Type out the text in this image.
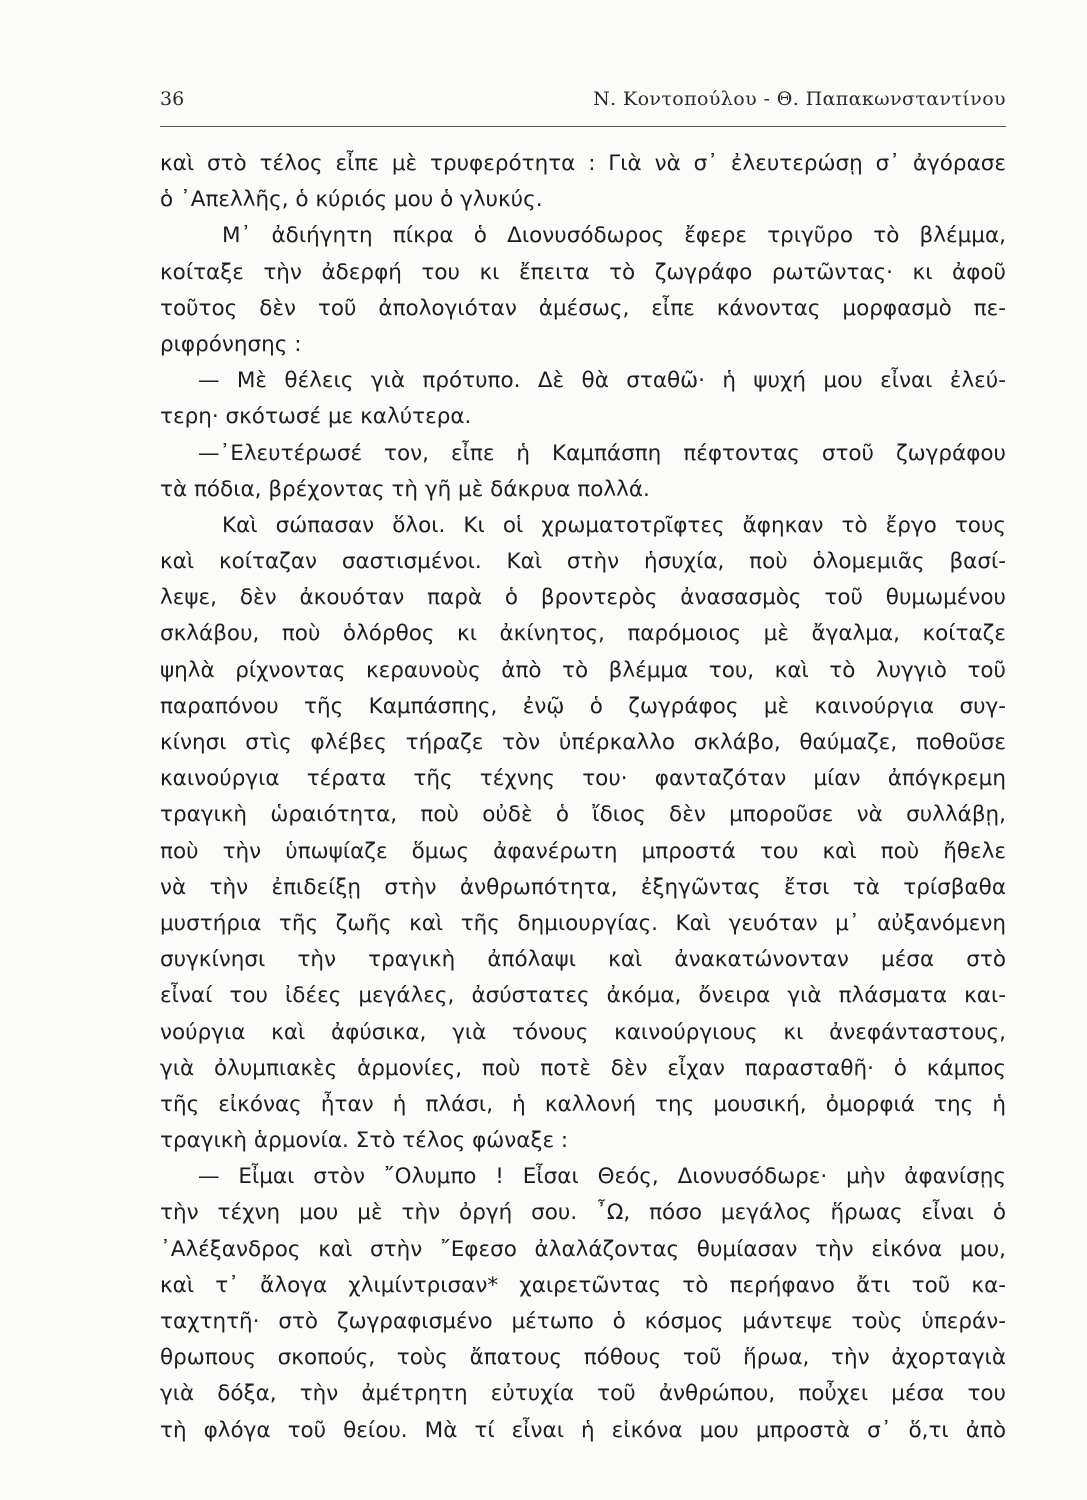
36	Ν. Κοντοπούλου - Θ. Παπακωνσταντίνου
καὶ στὸ τέλος εἶπε μὲ τρυφερότητα : Γιὰ νὰ σ᾿ ἐλευτερώσῃ σ᾿ ἀγόρασε
ὁ ᾿Απελλῆς, ὁ κύριός μου ὁ γλυκύς.
Μ᾿ ἀδιήγητη πίκρα ὁ Διονυσόδωρος ἔφερε τριγῦρο τὸ βλέμμα,
κοίταξε τὴν ἀδερφή του κι ἔπειτα τὸ ζωγράφο ρωτῶντας· κι ἀφοῦ
τοῦτος δὲν τοῦ ἀπολογιόταν ἀμέσως, εἶπε κάνοντας μορφασμὸ πε-
ριφρόνησης :
— Μὲ θέλεις γιὰ πρότυπο. Δὲ θὰ σταθῶ· ἡ ψυχή μου εἶναι ἐλεύ-
τερη· σκότωσέ με καλύτερα.
—᾿Ελευτέρωσέ τον, εἶπε ἡ Καμπάσπη πέφτοντας στοῦ ζωγράφου
τὰ πόδια, βρέχοντας τὴ γῆ μὲ δάκρυα πολλά.
Καὶ σώπασαν ὅλοι. Κι οἱ χρωματοτρῖφτες ἄφηκαν τὸ ἔργο τους
καὶ κοίταζαν σαστισμένοι. Καὶ στὴν ἡσυχία, ποὺ ὁλομεμιᾶς βασί-
λεψε, δὲν ἀκουόταν παρὰ ὁ βροντερὸς ἀνασασμὸς τοῦ θυμωμένου
σκλάβου, ποὺ ὁλόρθος κι ἀκίνητος, παρόμοιος μὲ ἄγαλμα, κοίταζε
ψηλὰ ρίχνοντας κεραυνοὺς ἀπὸ τὸ βλέμμα του, καὶ τὸ λυγγιὸ τοῦ
παραπόνου τῆς Καμπάσπης, ἐνῷ ὁ ζωγράφος μὲ καινούργια συγ-
κίνησι στὶς φλέβες τήραζε τὸν ὑπέρκαλλο σκλάβο, θαύμαζε, ποθοῦσε
καινούργια τέρατα τῆς τέχνης του· φανταζόταν μίαν ἀπόγκρεμη
τραγικὴ ὡραιότητα, ποὺ οὐδὲ ὁ ἴδιος δὲν μποροῦσε νὰ συλλάβῃ,
ποὺ τὴν ὑπωψίαζε ὅμως ἀφανέρωτη μπροστά του καὶ ποὺ ἤθελε
νὰ τὴν ἐπιδείξῃ στὴν ἀνθρωπότητα, ἐξηγῶντας ἔτσι τὰ τρίσβαθα
μυστήρια τῆς ζωῆς καὶ τῆς δημιουργίας. Καὶ γευόταν μ᾿ αὐξανόμενη
συγκίνησι τὴν τραγικὴ ἀπόλαψι καὶ ἀνακατώνονταν μέσα στὸ
εἶναί του ἰδέες μεγάλες, ἀσύστατες ἀκόμα, ὄνειρα γιὰ πλάσματα και-
νούργια καὶ ἀφύσικα, γιὰ τόνους καινούργιους κι ἀνεφάνταστους,
γιὰ ὀλυμπιακὲς ἁρμονίες, ποὺ ποτὲ δὲν εἶχαν παρασταθῆ· ὁ κάμπος
τῆς εἰκόνας ἦταν ἡ πλάσι, ἡ καλλονή της μουσική, ὀμορφιά της ἡ
τραγικὴ ἁρμονία. Στὸ τέλος φώναξε :
— Εἶμαι στὸν ῎Ολυμπο ! Εἶσαι Θεός, Διονυσόδωρε· μὴν ἀφανίσῃς
τὴν τέχνη μου μὲ τὴν ὀργή σου. ῏Ω, πόσο μεγάλος ἥρωας εἶναι ὁ
᾿Αλέξανδρος καὶ στὴν ῎Εφεσο ἀλαλάζοντας θυμίασαν τὴν εἰκόνα μου,
καὶ τ᾿ ἄλογα χλιμίντρισαν* χαιρετῶντας τὸ περήφανο ἄτι τοῦ κα-
ταχτητῆ· στὸ ζωγραφισμένο μέτωπο ὁ κόσμος μάντεψε τοὺς ὑπεράν-
θρωπους σκοπούς, τοὺς ἄπατους πόθους τοῦ ἥρωα, τὴν ἀχορταγιὰ
γιὰ δόξα, τὴν ἀμέτρητη εὐτυχία τοῦ ἀνθρώπου, ποὖχει μέσα του
τὴ φλόγα τοῦ θείου. Μὰ τί εἶναι ἡ εἰκόνα μου μπροστὰ σ᾿ ὅ,τι ἀπὸ
